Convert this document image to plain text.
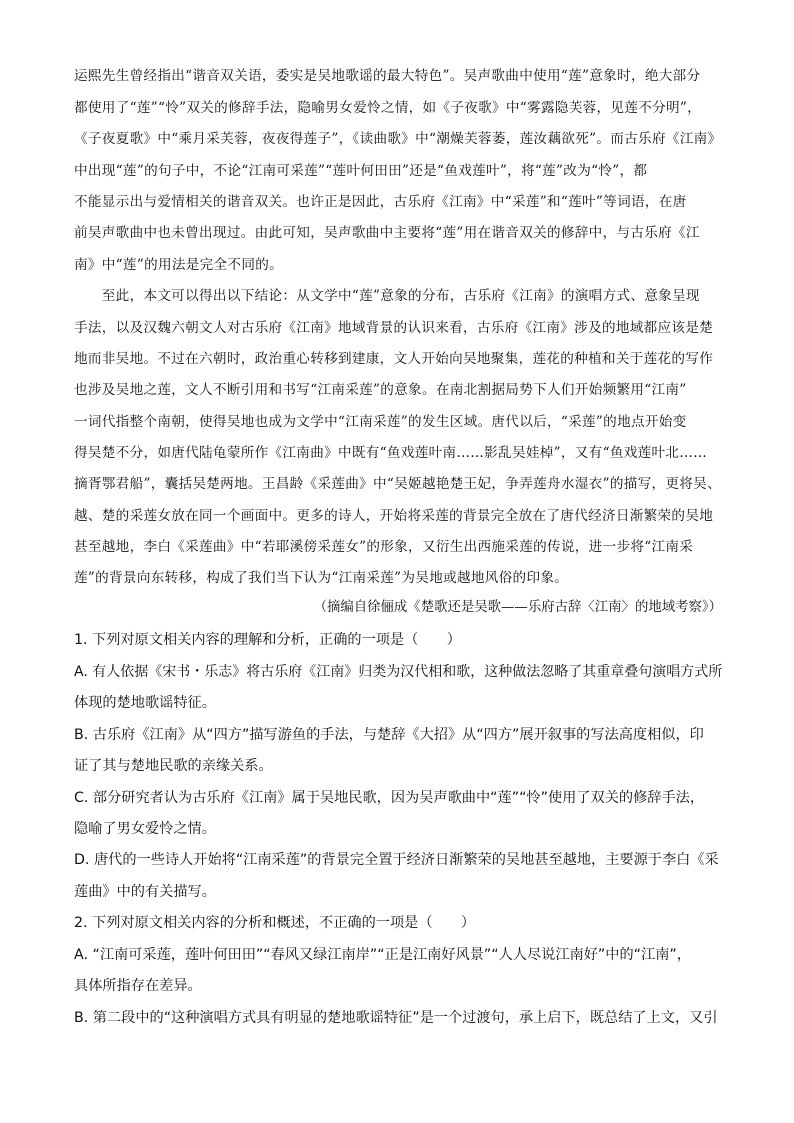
运熙先生曾经指出“谐音双关语，委实是吴地歌谣的最大特色”。吴声歌曲中使用“莲”意象时，绝大部分
都使用了“莲”“怜”双关的修辞手法，隐喻男女爱怜之情，如《子夜歌》中“雾露隐芙蓉，见莲不分明”，
《子夜夏歌》中“乘月采芙蓉，夜夜得莲子”，《读曲歌》中“潮燥芙蓉萎，莲汝藕欲死”。而古乐府《江南》
中出现“莲”的句子中，不论“江南可采莲”“莲叶何田田”还是“鱼戏莲叶”，将“莲”改为“怜”，都
不能显示出与爱情相关的谐音双关。也许正是因此，古乐府《江南》中“采莲”和“莲叶”等词语，在唐
前吴声歌曲中也未曾出现过。由此可知，吴声歌曲中主要将“莲”用在谐音双关的修辞中，与古乐府《江
南》中“莲”的用法是完全不同的。
　　至此，本文可以得出以下结论：从文学中“莲”意象的分布，古乐府《江南》的演唱方式、意象呈现
手法，以及汉魏六朝文人对古乐府《江南》地域背景的认识来看，古乐府《江南》涉及的地域都应该是楚
地而非吴地。不过在六朝时，政治重心转移到建康，文人开始向吴地聚集，莲花的种植和关于莲花的写作
也涉及吴地之莲，文人不断引用和书写“江南采莲”的意象。在南北割据局势下人们开始频繁用“江南”
一词代指整个南朝，使得吴地也成为文学中“江南采莲”的发生区域。唐代以后，“采莲”的地点开始变
得吴楚不分，如唐代陆龟蒙所作《江南曲》中既有“鱼戏莲叶南……影乱吴娃棹”，又有“鱼戏莲叶北……
摘胥鄂君船”，囊括吴楚两地。王昌龄《采莲曲》中“吴姬越艳楚王妃，争弄莲舟水湿衣”的描写，更将吴、
越、楚的采莲女放在同一个画面中。更多的诗人，开始将采莲的背景完全放在了唐代经济日渐繁荣的吴地
甚至越地，李白《采莲曲》中“若耶溪傍采莲女”的形象，又衍生出西施采莲的传说，进一步将“江南采
莲”的背景向东转移，构成了我们当下认为“江南采莲”为吴地或越地风俗的印象。
（摘编自徐俪成《楚歌还是吴歌——乐府古辞〈江南〉的地域考察》）
1. 下列对原文相关内容的理解和分析，正确的一项是（　　）
A. 有人依据《宋书・乐志》将古乐府《江南》归类为汉代相和歌，这种做法忽略了其重章叠句演唱方式所
体现的楚地歌谣特征。
B. 古乐府《江南》从“四方”描写游鱼的手法，与楚辞《大招》从“四方”展开叙事的写法高度相似，印
证了其与楚地民歌的亲缘关系。
C. 部分研究者认为古乐府《江南》属于吴地民歌，因为吴声歌曲中“莲”“怜”使用了双关的修辞手法，
隐喻了男女爱怜之情。
D. 唐代的一些诗人开始将“江南采莲”的背景完全置于经济日渐繁荣的吴地甚至越地，主要源于李白《采
莲曲》中的有关描写。
2. 下列对原文相关内容的分析和概述，不正确的一项是（　　）
A. “江南可采莲，莲叶何田田”“春风又绿江南岸”“正是江南好风景”“人人尽说江南好”中的“江南”，
具体所指存在差异。
B. 第二段中的“这种演唱方式具有明显的楚地歌谣特征”是一个过渡句，承上启下，既总结了上文，又引
